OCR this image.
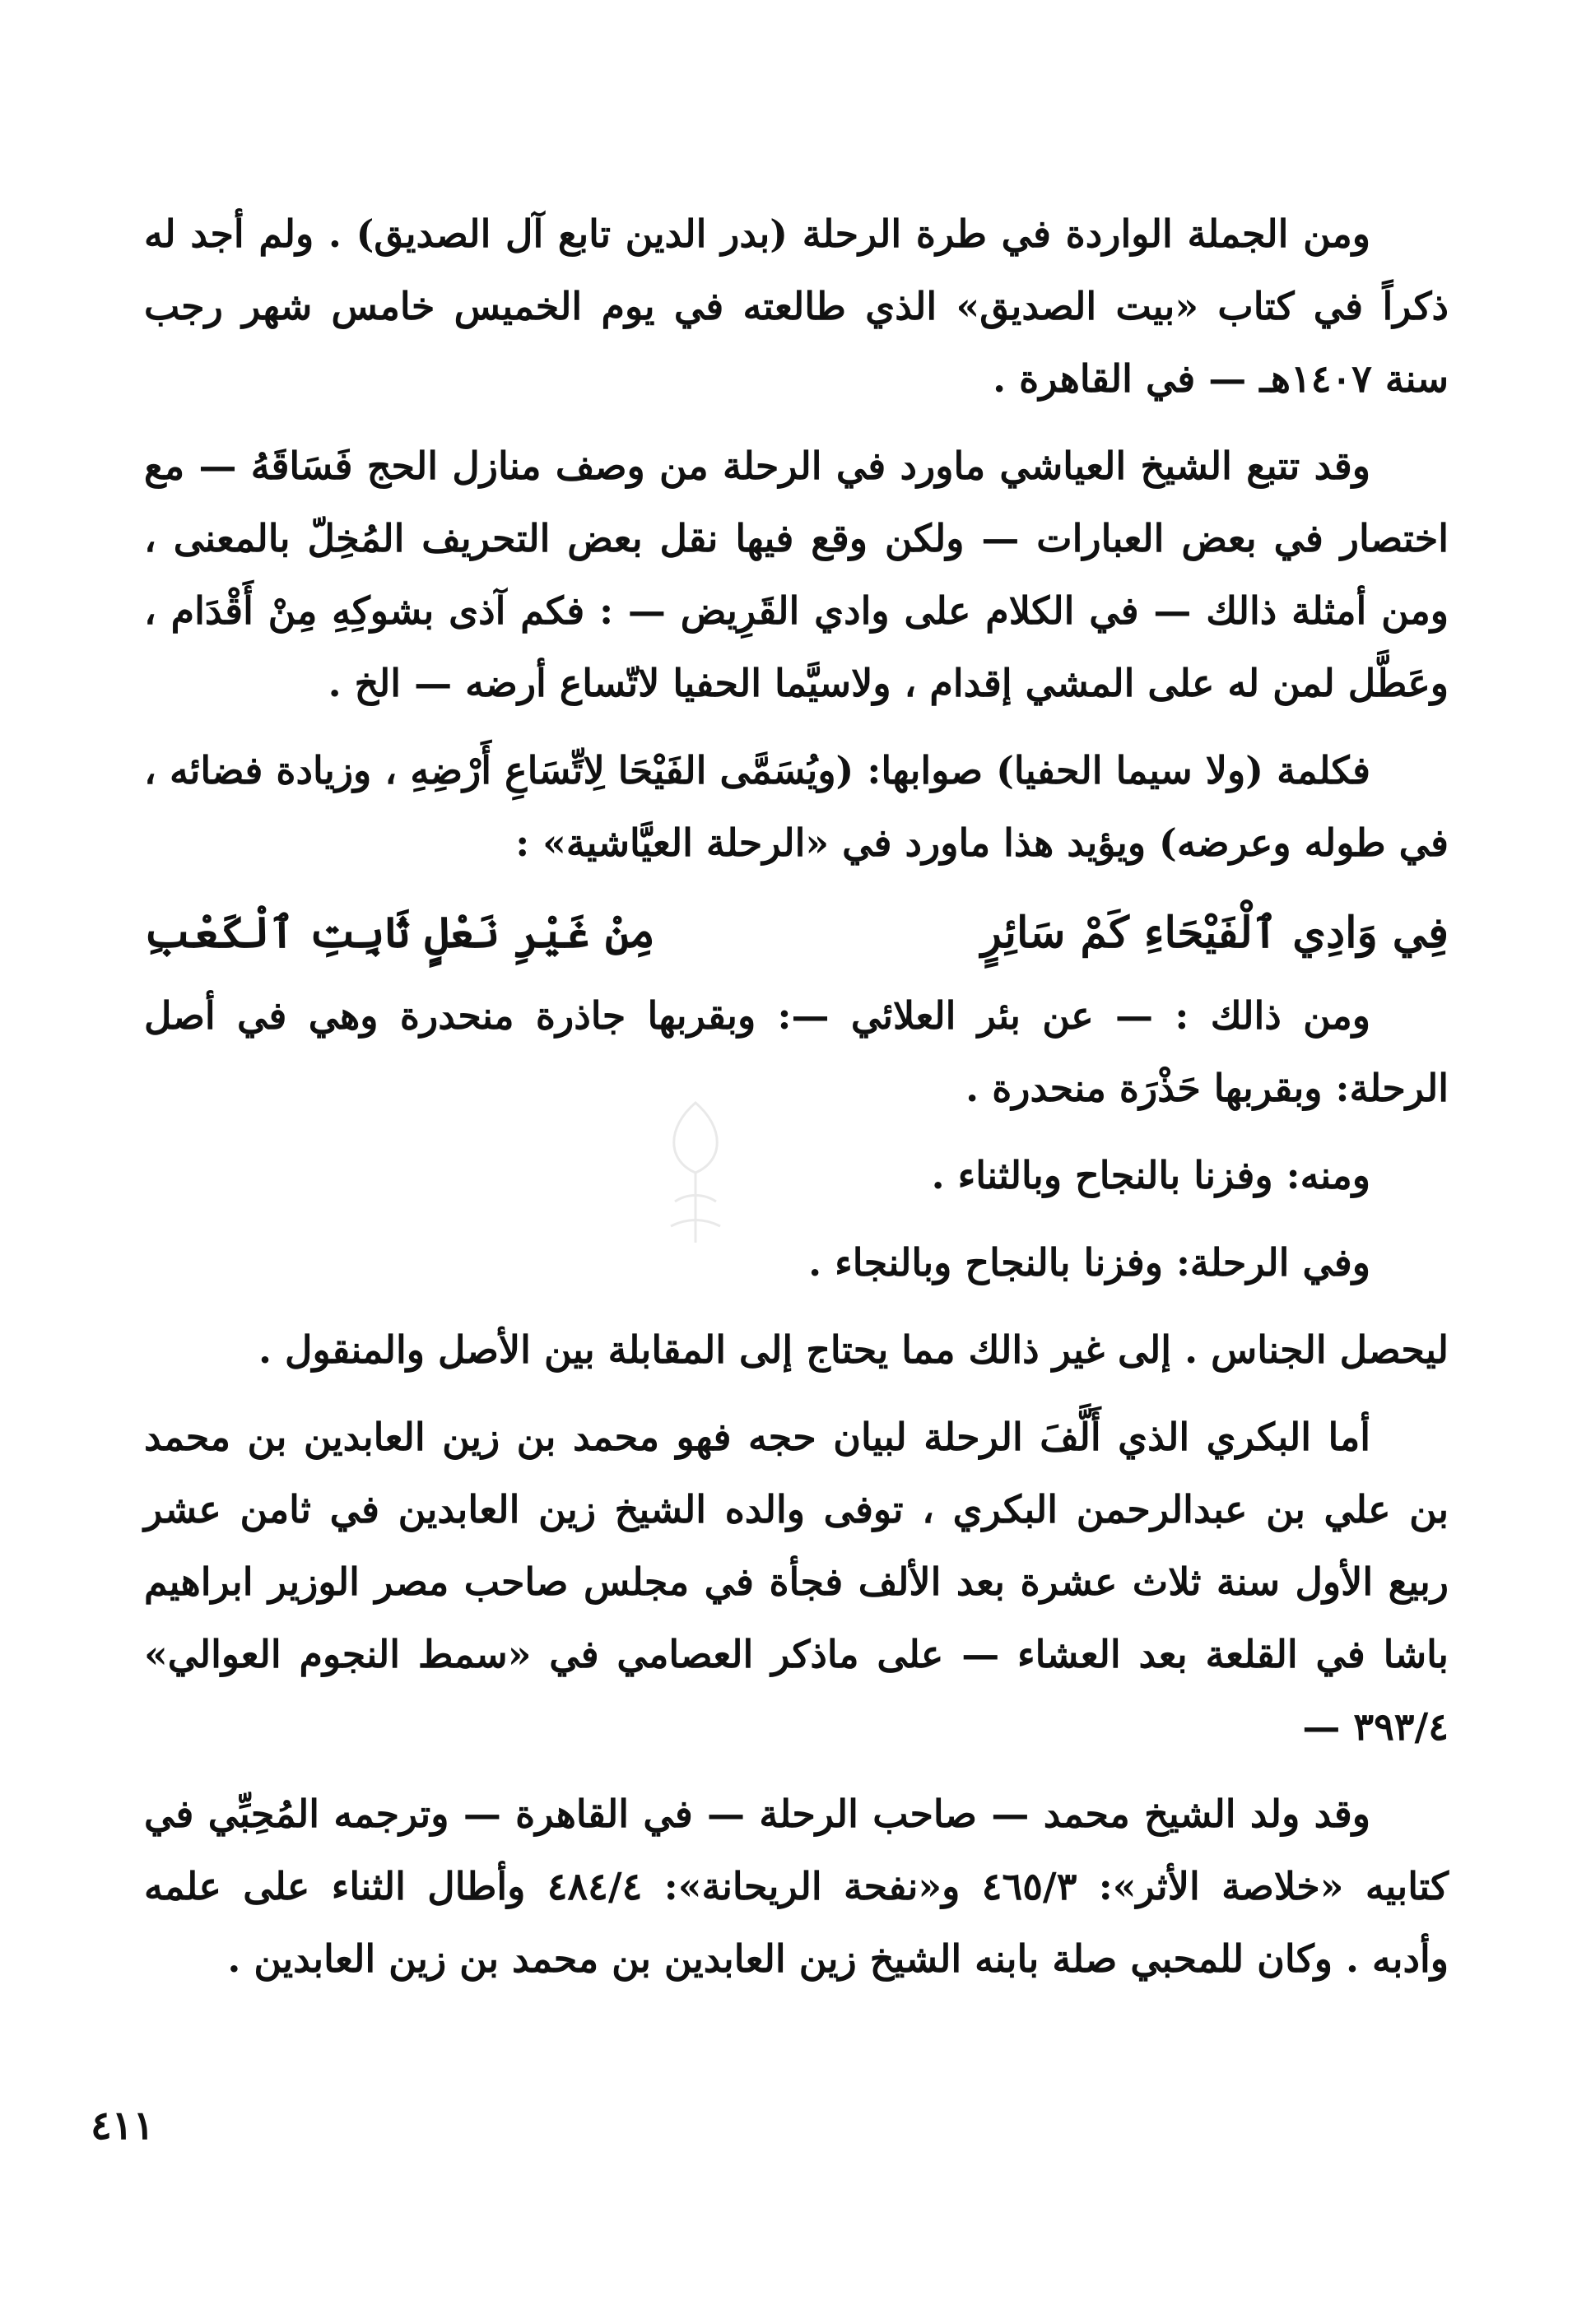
ومن الجملة الواردة في طرة الرحلة (بدر الدين تابع آل الصديق) . ولم أجد له ذكراً في كتاب «بيت الصديق» الذي طالعته في يوم الخميس خامس شهر رجب سنة ١٤٠٧هـ — في القاهرة .

وقد تتبع الشيخ العياشي ماورد في الرحلة من وصف منازل الحج فَسَاقَهُ — مع اختصار في بعض العبارات — ولكن وقع فيها نقل بعض التحريف المُخِلّ بالمعنى ، ومن أمثلة ذالك — في الكلام على وادي القَرِيض — : فكم آذى بشوكِهِ مِنْ أَقْدَام ، وعَطَّل لمن له على المشي إقدام ، ولاسيَّما الحفيا لاتّساع أرضه — الخ .

فكلمة (ولا سيما الحفيا) صوابها: (ويُسَمَّى الفَيْحَا لِاتِّسَاعِ أَرْضِهِ ، وزيادة فضائه ، في طوله وعرضه) ويؤيد هذا ماورد في «الرحلة العيَّاشية» :

فِي وَادِي ٱلْفَيْحَاءِ كَمْ سَائِرٍ
مِنْ غَيْرِ نَعْلٍ ثَابِتِ ٱلْكَعْبِ

ومن ذالك : — عن بئر العلائي —: وبقربها جاذرة منحدرة وهي في أصل الرحلة: وبقربها حَذْرَة منحدرة .

ومنه: وفزنا بالنجاح وبالثناء .

وفي الرحلة: وفزنا بالنجاح وبالنجاء .

ليحصل الجناس . إلى غير ذالك مما يحتاج إلى المقابلة بين الأصل والمنقول .

أما البكري الذي أَلَّفَ الرحلة لبيان حجه فهو محمد بن زين العابدين بن محمد بن علي بن عبدالرحمن البكري ، توفى والده الشيخ زين العابدين في ثامن عشر ربيع الأول سنة ثلاث عشرة بعد الألف فجأة في مجلس صاحب مصر الوزير ابراهيم باشا في القلعة بعد العشاء — على ماذكر العصامي في «سمط النجوم العوالي» ٣٩٣/٤ —

وقد ولد الشيخ محمد — صاحب الرحلة — في القاهرة — وترجمه المُحِبِّي في كتابيه «خلاصة الأثر»: ٤٦٥/٣ و«نفحة الريحانة»: ٤٨٤/٤ وأطال الثناء على علمه وأدبه . وكان للمحبي صلة بابنه الشيخ زين العابدين بن محمد بن زين العابدين .

٤١١
